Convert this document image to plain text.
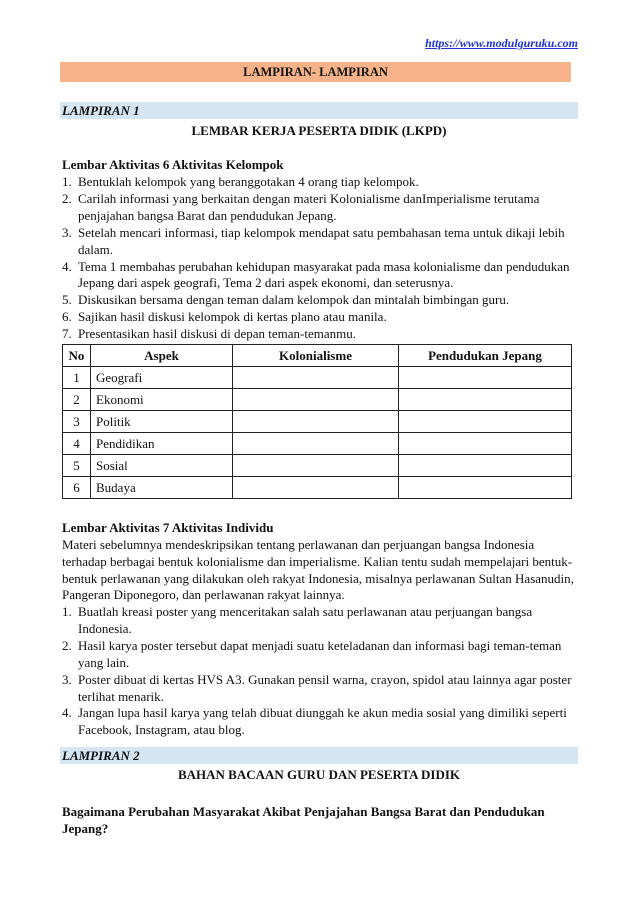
https://www.modulguruku.com
LAMPIRAN- LAMPIRAN
LAMPIRAN 1
LEMBAR KERJA PESERTA DIDIK (LKPD)
Lembar Aktivitas 6 Aktivitas Kelompok
1. Bentuklah kelompok yang beranggotakan 4 orang tiap kelompok.
2. Carilah informasi yang berkaitan dengan materi Kolonialisme danImperialisme terutama penjajahan bangsa Barat dan pendudukan Jepang.
3. Setelah mencari informasi, tiap kelompok mendapat satu pembahasan tema untuk dikaji lebih dalam.
4. Tema 1 membahas perubahan kehidupan masyarakat pada masa kolonialisme dan pendudukan Jepang dari aspek geografi, Tema 2 dari aspek ekonomi, dan seterusnya.
5. Diskusikan bersama dengan teman dalam kelompok dan mintalah bimbingan guru.
6. Sajikan hasil diskusi kelompok di kertas plano atau manila.
7. Presentasikan hasil diskusi di depan teman-temanmu.
No	Aspek	Kolonialisme	Pendudukan Jepang
1	Geografi		
2	Ekonomi		
3	Politik		
4	Pendidikan		
5	Sosial		
6	Budaya		
Lembar Aktivitas 7 Aktivitas Individu

Materi sebelumnya mendeskripsikan tentang perlawanan dan perjuangan bangsa Indonesia terhadap berbagai bentuk kolonialisme dan imperialisme. Kalian tentu sudah mempelajari bentuk-bentuk perlawanan yang dilakukan oleh rakyat Indonesia, misalnya perlawanan Sultan Hasanudin, Pangeran Diponegoro, dan perlawanan rakyat lainnya.

1. Buatlah kreasi poster yang menceritakan salah satu perlawanan atau perjuangan bangsa Indonesia.
2. Hasil karya poster tersebut dapat menjadi suatu keteladanan dan informasi bagi teman-teman yang lain.
3. Poster dibuat di kertas HVS A3. Gunakan pensil warna, crayon, spidol atau lainnya agar poster terlihat menarik.
4. Jangan lupa hasil karya yang telah dibuat diunggah ke akun media sosial yang dimiliki seperti Facebook, Instagram, atau blog.
LAMPIRAN 2
BAHAN BACAAN GURU DAN PESERTA DIDIK

Bagaimana Perubahan Masyarakat Akibat Penjajahan Bangsa Barat dan Pendudukan Jepang?
